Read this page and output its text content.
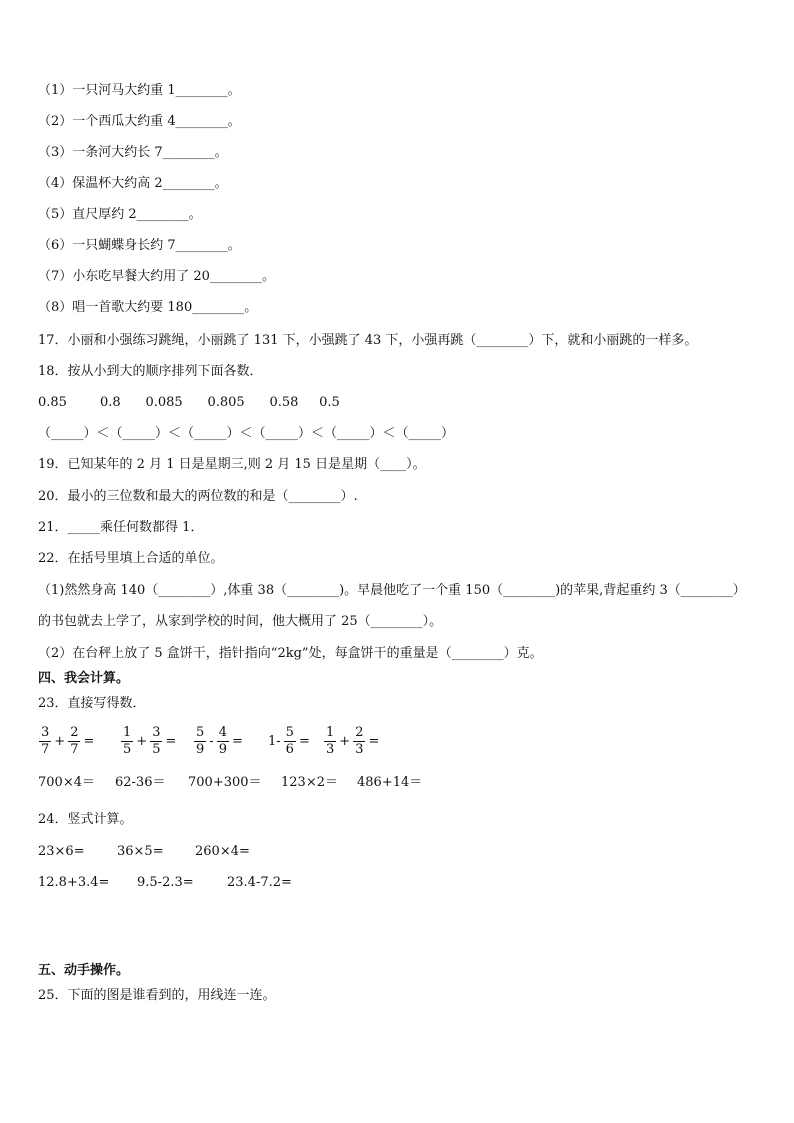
（1）一只河马大约重 1________。
（2）一个西瓜大约重 4________。
（3）一条河大约长 7________。
（4）保温杯大约高 2________。
（5）直尺厚约 2________。
（6）一只蝴蝶身长约 7________。
（7）小东吃早餐大约用了 20________。
（8）唱一首歌大约要 180________。
17．小丽和小强练习跳绳，小丽跳了 131 下，小强跳了 43 下，小强再跳（________）下，就和小丽跳的一样多。
18．按从小到大的顺序排列下面各数．
0.85        0.8      0.085      0.805      0.58     0.5
（_____）＜（_____）＜（_____）＜（_____）＜（_____）＜（_____）
19．已知某年的 2 月 1 日是星期三,则 2 月 15 日是星期（____）。
20．最小的三位数和最大的两位数的和是（________）.
21．_____乘任何数都得 1．
22．在括号里填上合适的单位。
（1)然然身高 140（________）,体重 38（________)。早晨他吃了一个重 150（________)的苹果,背起重约 3（________）
的书包就去上学了，从家到学校的时间，他大概用了 25（________）。
（2）在台秤上放了 5 盒饼干，指针指向“2kg”处，每盒饼干的重量是（________）克。
四、我会计算。
23．直接写得数．
$\frac{3}{7} + \frac{2}{7} = \frac{1}{5} + \frac{3}{5} = \frac{5}{9} - \frac{4}{9} = 1- \frac{5}{6} = \frac{1}{3} + \frac{2}{3}$ =
700×4＝ 62-36＝ 700+300＝ 123×2＝ 486+14＝
24．竖式计算。
23×6= 36×5= 260×4=
12.8+3.4= 9.5-2.3=	23.4-7.2=
五、动手操作。
25．下面的图是谁看到的，用线连一连。
